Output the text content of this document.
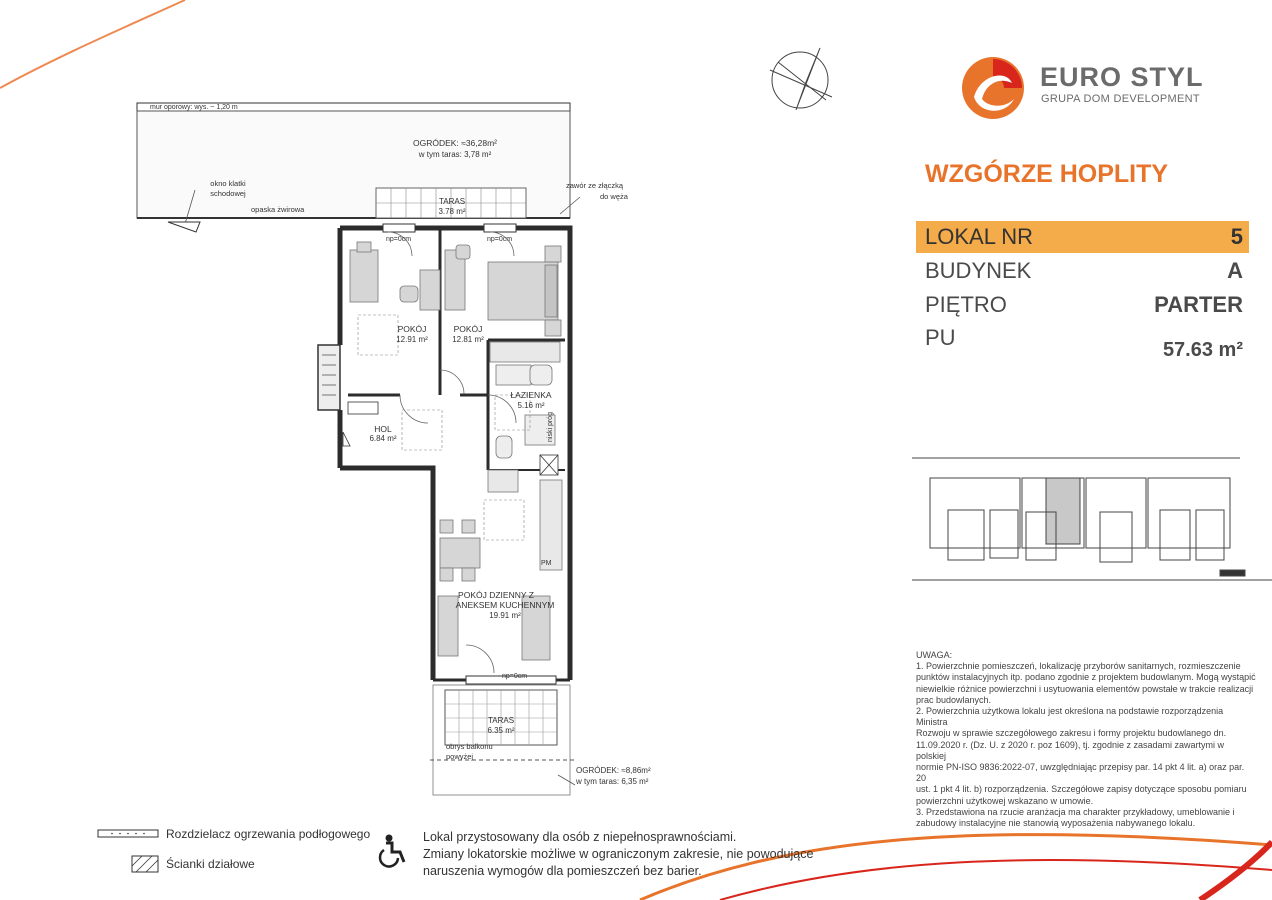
mur oporowy: wys. ~ 1,20 m
OGRÓDEK: ≈36,28m²
w tym taras: 3,78 m²
TARAS
3.78 m²
okno klatki
schodowej
opaska żwirowa
zawór ze złączką
do węża
np=0cm	np=0cm
POKÓJ
12.91 m²
POKÓJ
12.81 m²
ŁAZIENKA
5.16 m²
niski próg
HOL
6.84 m²
PM
POKÓJ DZIENNY Z
ANEKSEM KUCHENNYM
19.91 m²
np=0cm
TARAS
6.35 m²
obrys balkonu
powyżej
OGRÓDEK: ≈8,86m²
w tym taras: 6,35 m²
EURO STYL
GRUPA DOM DEVELOPMENT
WZGÓRZE HOPLITY
LOKAL NR	5
BUDYNEK	A
PIĘTRO	PARTER
PU	57.63 m²
UWAGA:
1. Powierzchnie pomieszczeń, lokalizację przyborów sanitarnych, rozmieszczenie
punktów instalacyjnych itp. podano zgodnie z projektem budowlanym. Mogą wystąpić
niewielkie różnice powierzchni i usytuowania elementów powstałe w trakcie realizacji
prac budowlanych.
2. Powierzchnia użytkowa lokalu jest określona na podstawie rozporządzenia Ministra
Rozwoju w sprawie szczegółowego zakresu i formy projektu budowlanego dn.
11.09.2020 r. (Dz. U. z 2020 r. poz 1609), tj. zgodnie z zasadami zawartymi w polskiej
normie PN-ISO 9836:2022-07, uwzględniając przepisy par. 14 pkt 4 lit. a) oraz par. 20
ust. 1 pkt 4 lit. b) rozporządzenia. Szczegółowe zapisy dotyczące sposobu pomiaru
powierzchni użytkowej wskazano w umowie.
3. Przedstawiona na rzucie aranżacja ma charakter przykładowy, umeblowanie i
zabudowy instalacyjne nie stanowią wyposażenia nabywanego lokalu.
Rozdzielacz ogrzewania podłogowego
Ścianki działowe
Lokal przystosowany dla osób z niepełnosprawnościami.
Zmiany lokatorskie możliwe w ograniczonym zakresie, nie powodujące
naruszenia wymogów dla pomieszczeń bez barier.
